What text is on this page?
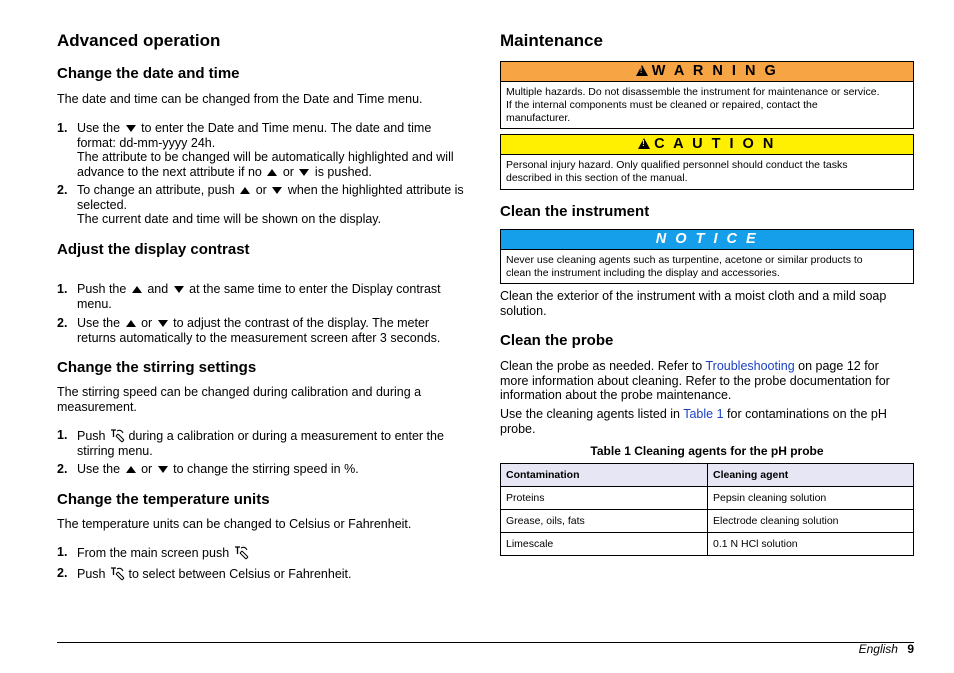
Advanced operation
Change the date and time
The date and time can be changed from the Date and Time menu.
1. Use the to enter the Date and Time menu. The date and time
format: dd-mm-yyyy 24h.
The attribute to be changed will be automatically highlighted and will
advance to the next attribute if no or is pushed.
2. To change an attribute, push or when the highlighted attribute is
selected.
The current date and time will be shown on the display.
Adjust the display contrast
1. Push the and at the same time to enter the Display contrast
menu.
2. Use the or to adjust the contrast of the display. The meter
returns automatically to the measurement screen after 3 seconds.
Change the stirring settings
The stirring speed can be changed during calibration and during a
measurement.
1. Push during a calibration or during a measurement to enter the
stirring menu.
2. Use the or to change the stirring speed in %.
Change the temperature units
The temperature units can be changed to Celsius or Fahrenheit.
1. From the main screen push
2. Push to select between Celsius or Fahrenheit.
Maintenance
!W A R N I N G
Multiple hazards. Do not disassemble the instrument for maintenance or service.
If the internal components must be cleaned or repaired, contact the
manufacturer.
!C A U T I O N
Personal injury hazard. Only qualified personnel should conduct the tasks
described in this section of the manual.
Clean the instrument
N O T I C E
Never use cleaning agents such as turpentine, acetone or similar products to
clean the instrument including the display and accessories.
Clean the exterior of the instrument with a moist cloth and a mild soap
solution.
Clean the probe
Clean the probe as needed. Refer to Troubleshooting on page 12 for
more information about cleaning. Refer to the probe documentation for
information about the probe maintenance.
Use the cleaning agents listed in Table 1 for contaminations on the pH
probe.
Table 1 Cleaning agents for the pH probe
Contamination	Cleaning agent
Proteins	Pepsin cleaning solution
Grease, oils, fats	Electrode cleaning solution
Limescale	0.1 N HCl solution
English 9
